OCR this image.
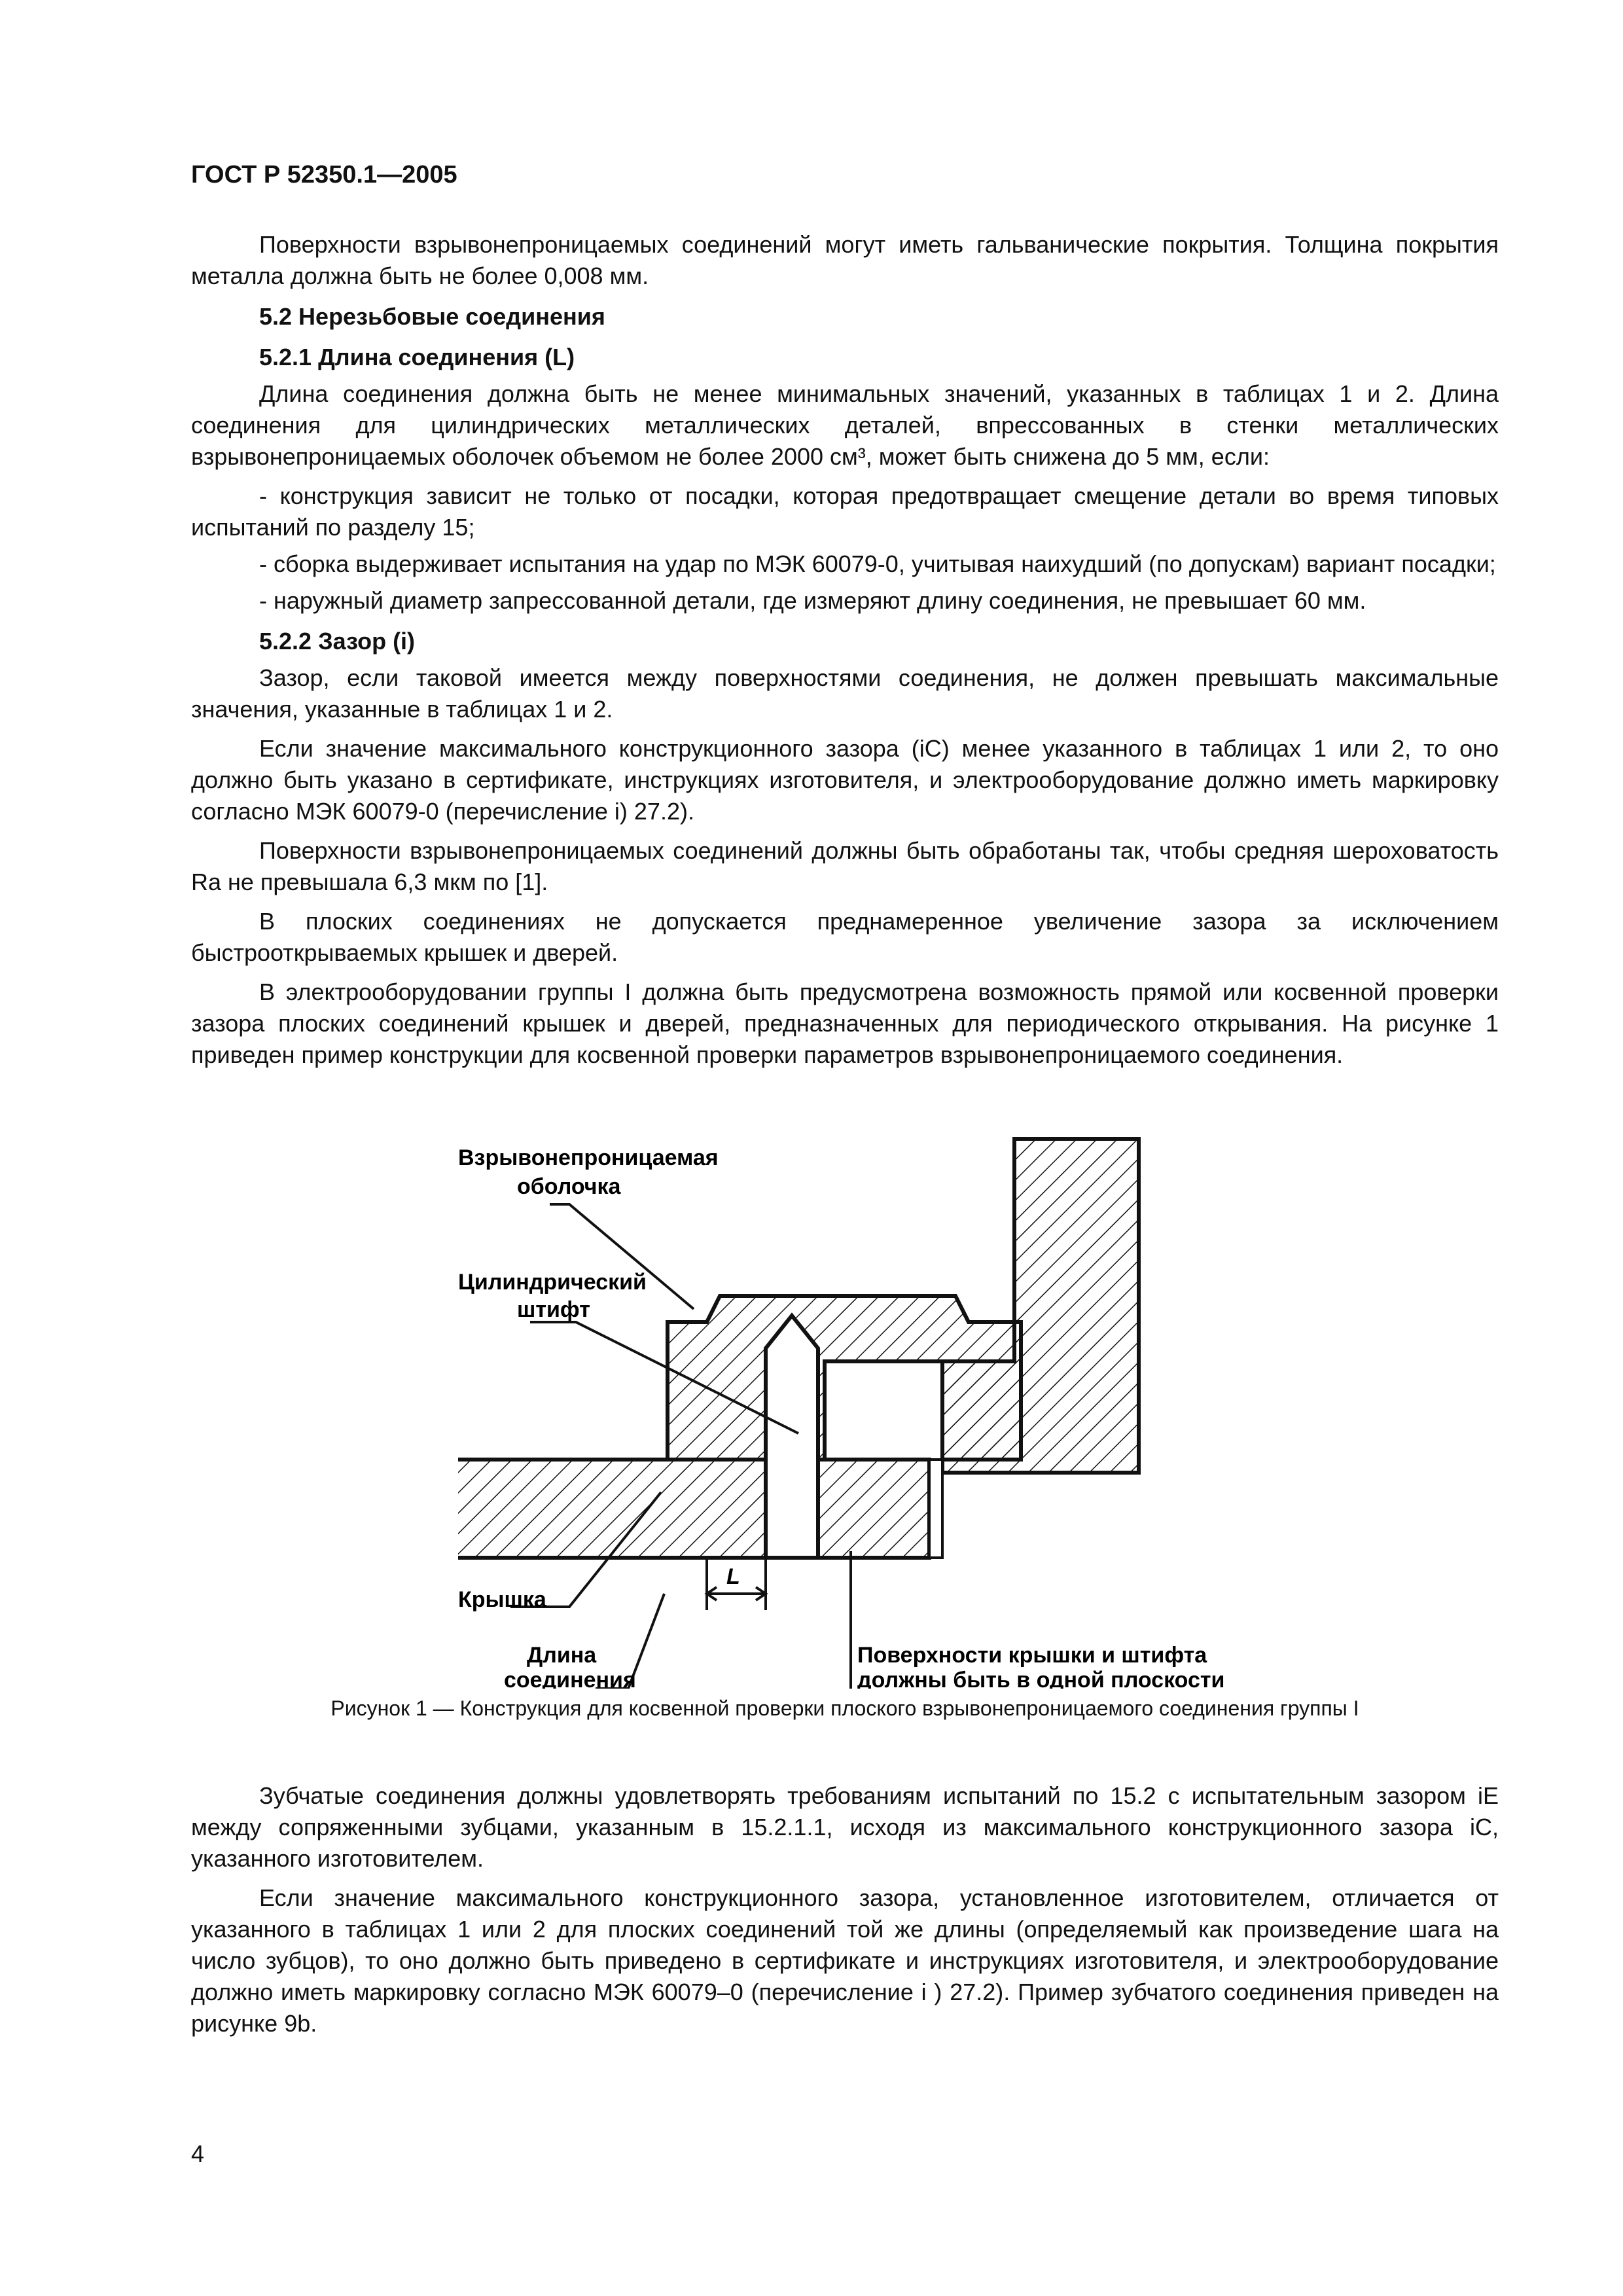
ГОСТ Р 52350.1—2005

Поверхности взрывонепроницаемых соединений могут иметь гальванические покрытия. Толщина покрытия металла должна быть не более 0,008 мм.

5.2 Нерезьбовые соединения
5.2.1 Длина соединения (L)

Длина соединения должна быть не менее минимальных значений, указанных в таблицах 1 и 2. Длина соединения для цилиндрических металлических деталей, впрессованных в стенки металлических взрывонепроницаемых оболочек объемом не более 2000 см³, может быть снижена до 5 мм, если:

- конструкция зависит не только от посадки, которая предотвращает смещение детали во время типовых испытаний по разделу 15;

- сборка выдерживает испытания на удар по МЭК 60079-0, учитывая наихудший (по допускам) вариант посадки;

- наружный диаметр запрессованной детали, где измеряют длину соединения, не превышает 60 мм.

5.2.2 Зазор (i)

Зазор, если таковой имеется между поверхностями соединения, не должен превышать максимальные значения, указанные в таблицах 1 и 2.

Если значение максимального конструкционного зазора (iC) менее указанного в таблицах 1 или 2, то оно должно быть указано в сертификате, инструкциях изготовителя, и электрооборудование должно иметь маркировку согласно МЭК 60079-0 (перечисление i) 27.2).

Поверхности взрывонепроницаемых соединений должны быть обработаны так, чтобы средняя шероховатость Ra не превышала 6,3 мкм по [1].

В плоских соединениях не допускается преднамеренное увеличение зазора за исключением быстрооткрываемых крышек и дверей.

В электрооборудовании группы I должна быть предусмотрена возможность прямой или косвенной проверки зазора плоских соединений крышек и дверей, предназначенных для периодического открывания. На рисунке 1 приведен пример конструкции для косвенной проверки параметров взрывонепроницаемого соединения.

Взрывонепроницаемая
оболочка
Цилиндрический
штифт
Крышка
L
Длина
соединения
Поверхности крышки и штифта
должны быть в одной плоскости
Рисунок 1 — Конструкция для косвенной проверки плоского взрывонепроницаемого соединения группы I

Зубчатые соединения должны удовлетворять требованиям испытаний по 15.2 с испытательным зазором iE между сопряженными зубцами, указанным в 15.2.1.1, исходя из максимального конструкционного зазора iC, указанного изготовителем.

Если значение максимального конструкционного зазора, установленное изготовителем, отличается от указанного в таблицах 1 или 2 для плоских соединений той же длины (определяемый как произведение шага на число зубцов), то оно должно быть приведено в сертификате и инструкциях изготовителя, и электрооборудование должно иметь маркировку согласно МЭК 60079–0 (перечисление i ) 27.2). Пример зубчатого соединения приведен на рисунке 9b.

4
